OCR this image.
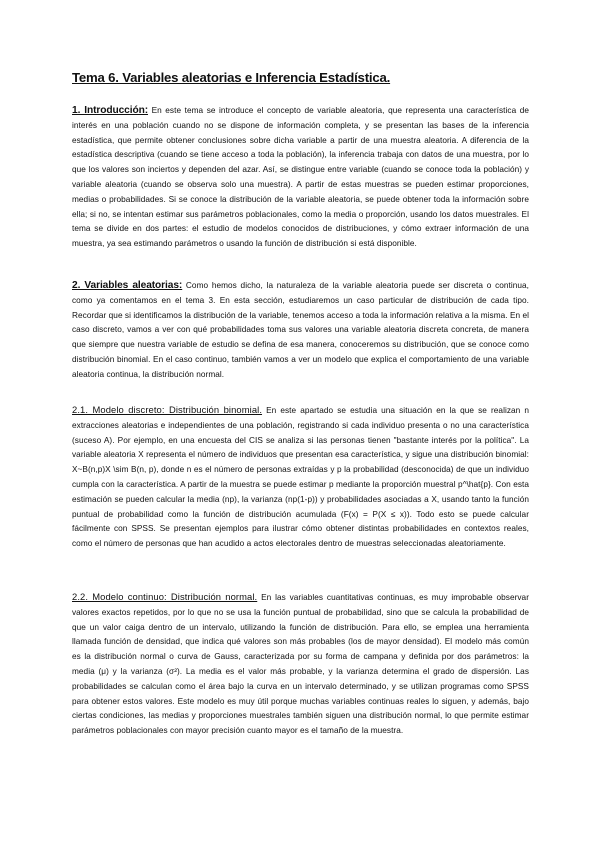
Tema 6. Variables aleatorias e Inferencia Estadística.
1. Introducción: En este tema se introduce el concepto de variable aleatoria, que representa una característica de interés en una población cuando no se dispone de información completa, y se presentan las bases de la inferencia estadística, que permite obtener conclusiones sobre dicha variable a partir de una muestra aleatoria. A diferencia de la estadística descriptiva (cuando se tiene acceso a toda la población), la inferencia trabaja con datos de una muestra, por lo que los valores son inciertos y dependen del azar. Así, se distingue entre variable (cuando se conoce toda la población) y variable aleatoria (cuando se observa solo una muestra). A partir de estas muestras se pueden estimar proporciones, medias o probabilidades. Si se conoce la distribución de la variable aleatoria, se puede obtener toda la información sobre ella; si no, se intentan estimar sus parámetros poblacionales, como la media o proporción, usando los datos muestrales. El tema se divide en dos partes: el estudio de modelos conocidos de distribuciones, y cómo extraer información de una muestra, ya sea estimando parámetros o usando la función de distribución si está disponible.
2. Variables aleatorias: Como hemos dicho, la naturaleza de la variable aleatoria puede ser discreta o continua, como ya comentamos en el tema 3. En esta sección, estudiaremos un caso particular de distribución de cada tipo. Recordar que si identificamos la distribución de la variable, tenemos acceso a toda la información relativa a la misma. En el caso discreto, vamos a ver con qué probabilidades toma sus valores una variable aleatoria discreta concreta, de manera que siempre que nuestra variable de estudio se defina de esa manera, conoceremos su distribución, que se conoce como distribución binomial. En el caso continuo, también vamos a ver un modelo que explica el comportamiento de una variable aleatoria continua, la distribución normal.
2.1. Modelo discreto: Distribución binomial. En este apartado se estudia una situación en la que se realizan n extracciones aleatorias e independientes de una población, registrando si cada individuo presenta o no una característica (suceso A). Por ejemplo, en una encuesta del CIS se analiza si las personas tienen "bastante interés por la política". La variable aleatoria X representa el número de individuos que presentan esa característica, y sigue una distribución binomial: X~B(n,p)X \sim B(n, p), donde n es el número de personas extraídas y p la probabilidad (desconocida) de que un individuo cumpla con la característica. A partir de la muestra se puede estimar p mediante la proporción muestral p^\hat{p}. Con esta estimación se pueden calcular la media (np), la varianza (np(1-p)) y probabilidades asociadas a X, usando tanto la función puntual de probabilidad como la función de distribución acumulada (F(x) = P(X ≤ x)). Todo esto se puede calcular fácilmente con SPSS. Se presentan ejemplos para ilustrar cómo obtener distintas probabilidades en contextos reales, como el número de personas que han acudido a actos electorales dentro de muestras seleccionadas aleatoriamente.
2.2. Modelo continuo: Distribución normal. En las variables cuantitativas continuas, es muy improbable observar valores exactos repetidos, por lo que no se usa la función puntual de probabilidad, sino que se calcula la probabilidad de que un valor caiga dentro de un intervalo, utilizando la función de distribución. Para ello, se emplea una herramienta llamada función de densidad, que indica qué valores son más probables (los de mayor densidad). El modelo más común es la distribución normal o curva de Gauss, caracterizada por su forma de campana y definida por dos parámetros: la media (μ) y la varianza (σ²). La media es el valor más probable, y la varianza determina el grado de dispersión. Las probabilidades se calculan como el área bajo la curva en un intervalo determinado, y se utilizan programas como SPSS para obtener estos valores. Este modelo es muy útil porque muchas variables continuas reales lo siguen, y además, bajo ciertas condiciones, las medias y proporciones muestrales también siguen una distribución normal, lo que permite estimar parámetros poblacionales con mayor precisión cuanto mayor es el tamaño de la muestra.
